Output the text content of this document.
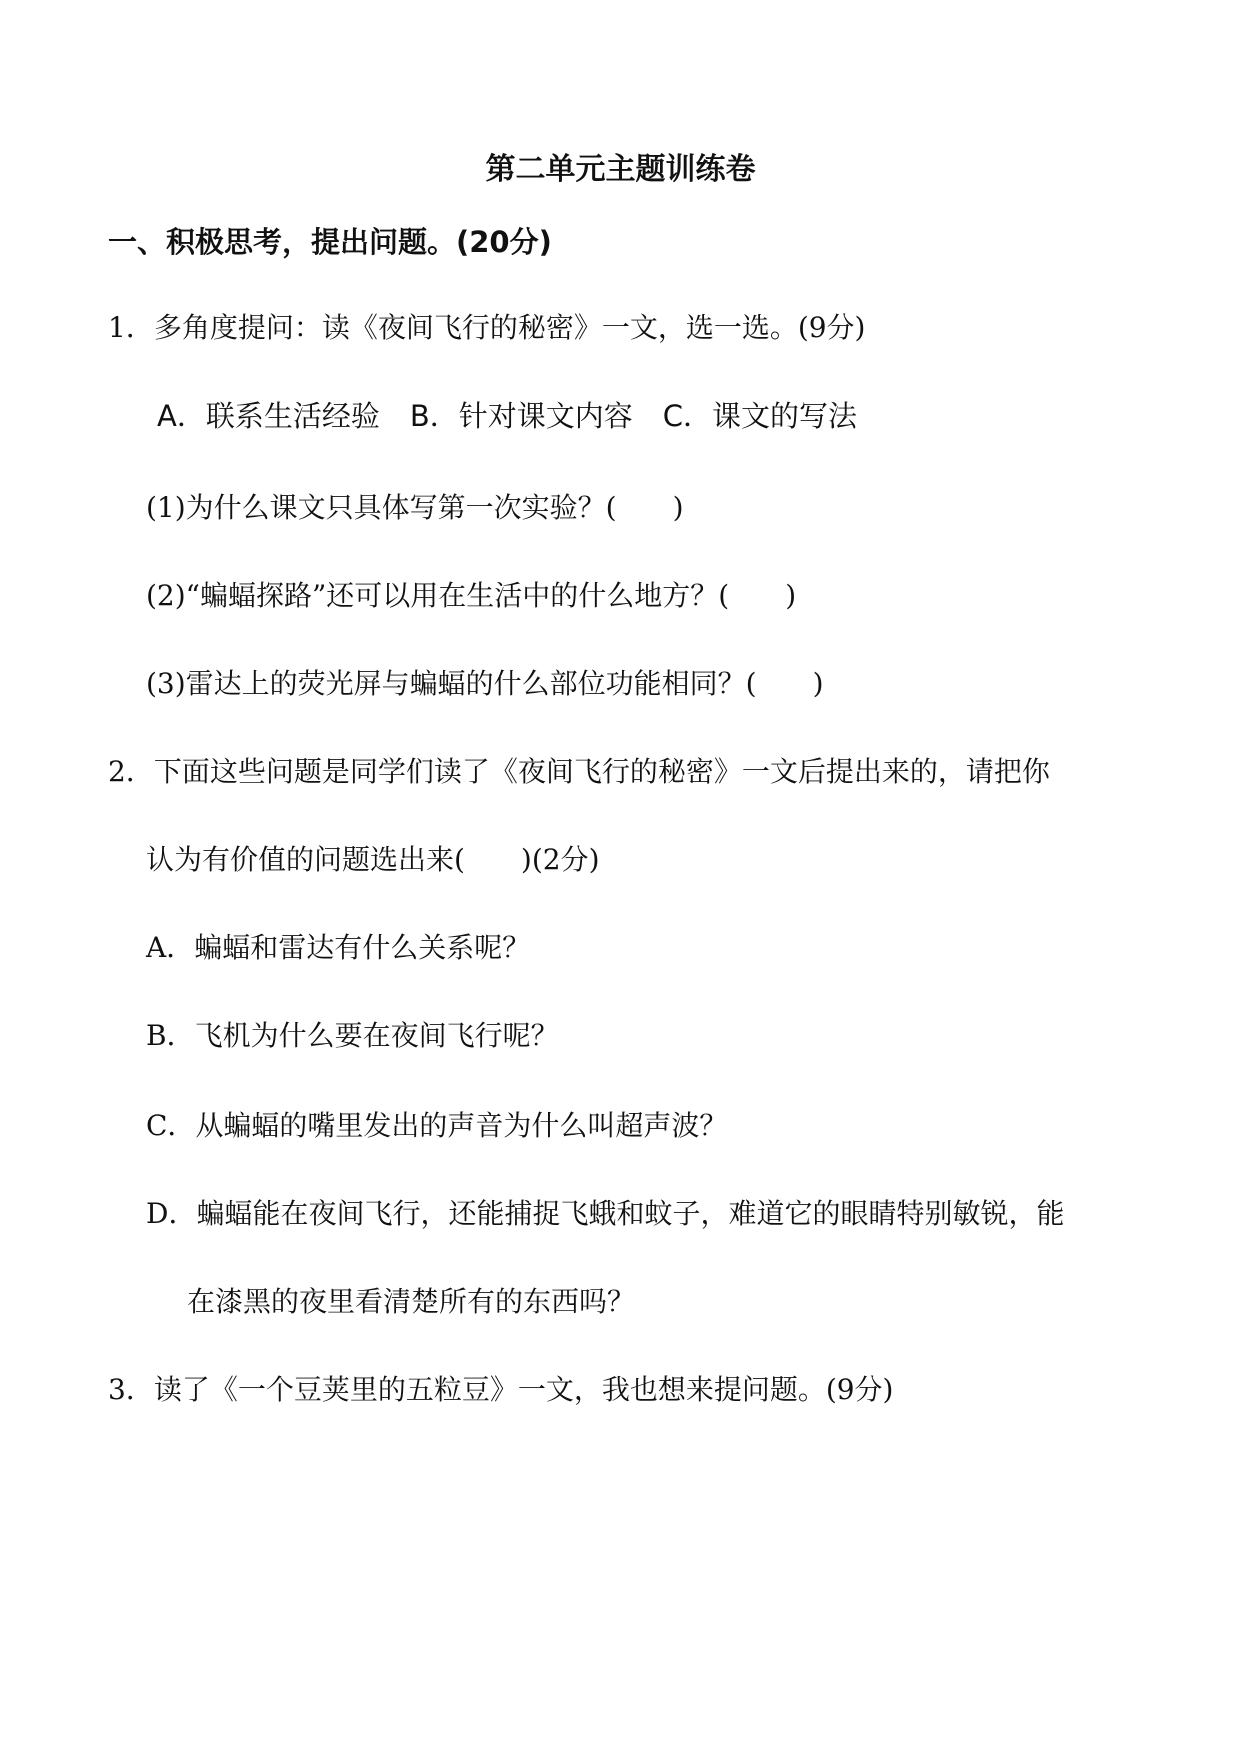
第二单元主题训练卷
一、积极思考，提出问题。(20分)
1．多角度提问：读《夜间飞行的秘密》一文，选一选。(9分)
A．联系生活经验 B．针对课文内容 C．课文的写法
(1)为什么课文只具体写第一次实验？(　　)
(2)“蝙蝠探路”还可以用在生活中的什么地方？(　　)
(3)雷达上的荧光屏与蝙蝠的什么部位功能相同？(　　)
2．下面这些问题是同学们读了《夜间飞行的秘密》一文后提出来的，请把你
认为有价值的问题选出来(　　)(2分)
A．蝙蝠和雷达有什么关系呢？
B．飞机为什么要在夜间飞行呢？
C．从蝙蝠的嘴里发出的声音为什么叫超声波？
D．蝙蝠能在夜间飞行，还能捕捉飞蛾和蚊子，难道它的眼睛特别敏锐，能
在漆黑的夜里看清楚所有的东西吗？
3．读了《一个豆荚里的五粒豆》一文，我也想来提问题。(9分)
